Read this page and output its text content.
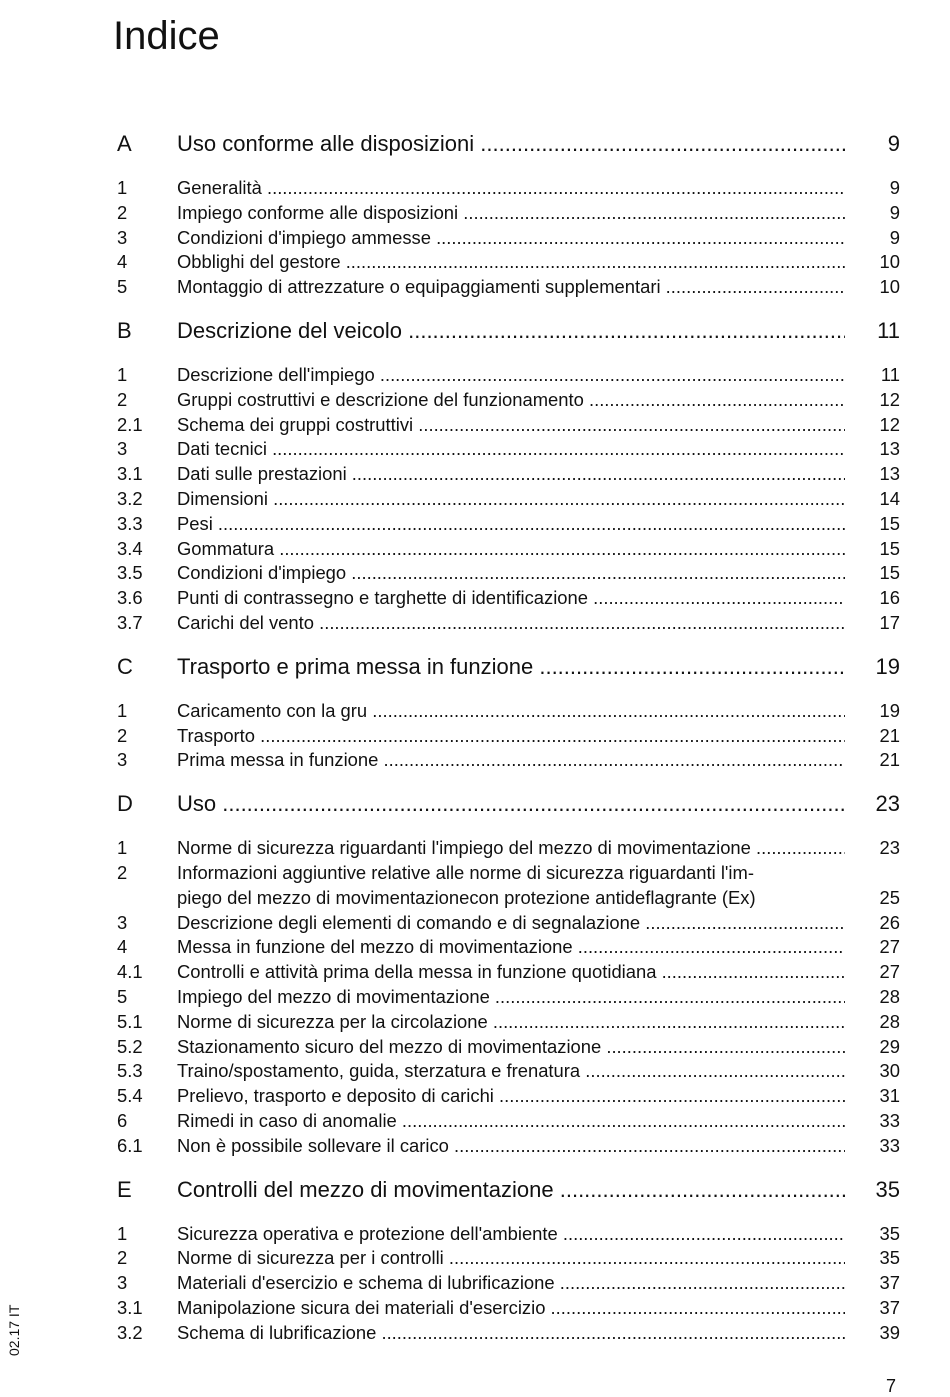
Indice
A	Uso conforme alle disposizioni .....	9
1	Generalità .....	9
2	Impiego conforme alle disposizioni .....	9
3	Condizioni d'impiego ammesse .....	9
4	Obblighi del gestore .....	10
5	Montaggio di attrezzature o equipaggiamenti supplementari .....	10
B	Descrizione del veicolo .....	11
1	Descrizione dell'impiego .....	11
2	Gruppi costruttivi e descrizione del funzionamento .....	12
2.1	Schema dei gruppi costruttivi .....	12
3	Dati tecnici .....	13
3.1	Dati sulle prestazioni .....	13
3.2	Dimensioni .....	14
3.3	Pesi .....	15
3.4	Gommatura .....	15
3.5	Condizioni d'impiego .....	15
3.6	Punti di contrassegno e targhette di identificazione .....	16
3.7	Carichi del vento .....	17
C	Trasporto e prima messa in funzione .....	19
1	Caricamento con la gru .....	19
2	Trasporto .....	21
3	Prima messa in funzione .....	21
D	Uso .....	23
1	Norme di sicurezza riguardanti l'impiego del mezzo di movimentazione .....	23
2	Informazioni aggiuntive relative alle norme di sicurezza riguardanti l'im-
piego del mezzo di movimentazionecon protezione antideflagrante (Ex)	25
3	Descrizione degli elementi di comando e di segnalazione .....	26
4	Messa in funzione del mezzo di movimentazione .....	27
4.1	Controlli e attività prima della messa in funzione quotidiana .....	27
5	Impiego del mezzo di movimentazione .....	28
5.1	Norme di sicurezza per la circolazione .....	28
5.2	Stazionamento sicuro del mezzo di movimentazione .....	29
5.3	Traino/spostamento, guida, sterzatura e frenatura .....	30
5.4	Prelievo, trasporto e deposito di carichi .....	31
6	Rimedi in caso di anomalie .....	33
6.1	Non è possibile sollevare il carico .....	33
E	Controlli del mezzo di movimentazione .....	35
1	Sicurezza operativa e protezione dell'ambiente .....	35
2	Norme di sicurezza per i controlli .....	35
3	Materiali d'esercizio e schema di lubrificazione .....	37
3.1	Manipolazione sicura dei materiali d'esercizio .....	37
3.2	Schema di lubrificazione .....	39
02.17 IT
7
